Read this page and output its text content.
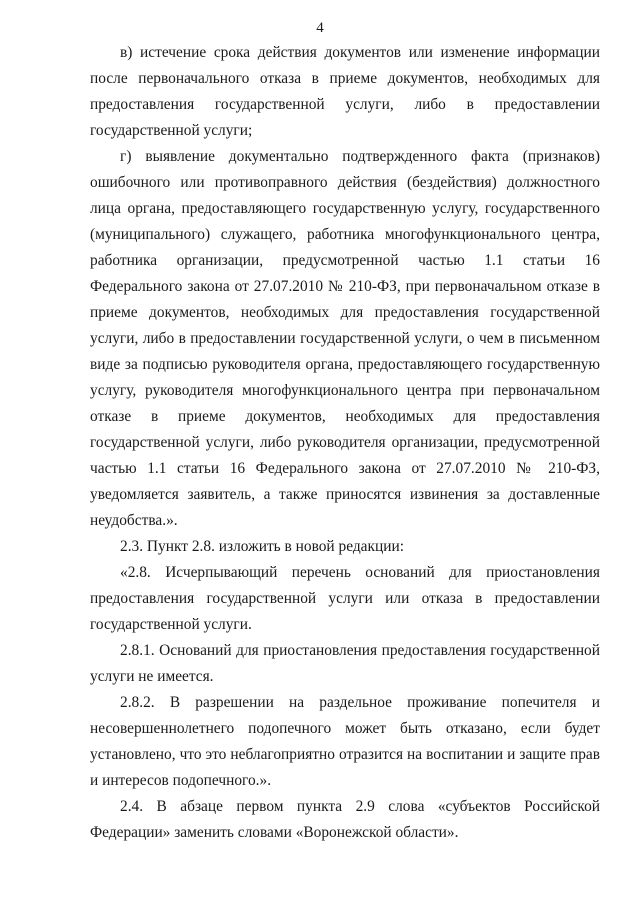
4

в) истечение срока действия документов или изменение информации после первоначального отказа в приеме документов, необходимых для предоставления государственной услуги, либо в предоставлении государственной услуги;

г) выявление документально подтвержденного факта (признаков) ошибочного или противоправного действия (бездействия) должностного лица органа, предоставляющего государственную услугу, государственного (муниципального) служащего, работника многофункционального центра, работника организации, предусмотренной частью 1.1 статьи 16 Федерального закона от 27.07.2010 № 210-ФЗ, при первоначальном отказе в приеме документов, необходимых для предоставления государственной услуги, либо в предоставлении государственной услуги, о чем в письменном виде за подписью руководителя органа, предоставляющего государственную услугу, руководителя многофункционального центра при первоначальном отказе в приеме документов, необходимых для предоставления государственной услуги, либо руководителя организации, предусмотренной частью 1.1 статьи 16 Федерального закона от 27.07.2010 № 210-ФЗ, уведомляется заявитель, а также приносятся извинения за доставленные неудобства.».

2.3. Пункт 2.8. изложить в новой редакции:

«2.8. Исчерпывающий перечень оснований для приостановления предоставления государственной услуги или отказа в предоставлении государственной услуги.

2.8.1. Оснований для приостановления предоставления государственной услуги не имеется.

2.8.2. В разрешении на раздельное проживание попечителя и несовершеннолетнего подопечного может быть отказано, если будет установлено, что это неблагоприятно отразится на воспитании и защите прав и интересов подопечного.».

2.4. В абзаце первом пункта 2.9 слова «субъектов Российской Федерации» заменить словами «Воронежской области».
